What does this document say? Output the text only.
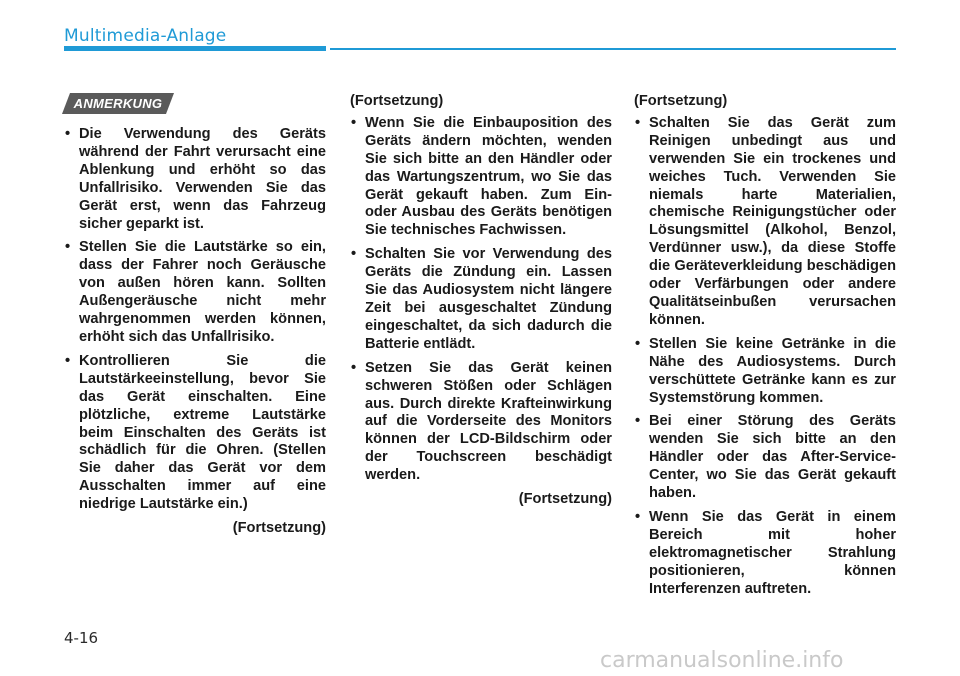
Multimedia-Anlage
ANMERKUNG
• Die Verwendung des Geräts während der Fahrt verursacht eine Ablenkung und erhöht so das Unfallrisiko. Verwenden Sie das Gerät erst, wenn das Fahrzeug sicher geparkt ist.
• Stellen Sie die Lautstärke so ein, dass der Fahrer noch Geräusche von außen hören kann. Sollten Außengeräusche nicht mehr wahrgenommen werden können, erhöht sich das Unfallrisiko.
• Kontrollieren Sie die Lautstärkeeinstellung, bevor Sie das Gerät einschalten. Eine plötzliche, extreme Lautstärke beim Einschalten des Geräts ist schädlich für die Ohren. (Stellen Sie daher das Gerät vor dem Ausschalten immer auf eine niedrige Lautstärke ein.)
(Fortsetzung)
(Fortsetzung)
• Wenn Sie die Einbauposition des Geräts ändern möchten, wenden Sie sich bitte an den Händler oder das Wartungszentrum, wo Sie das Gerät gekauft haben. Zum Ein- oder Ausbau des Geräts benötigen Sie technisches Fachwissen.
• Schalten Sie vor Verwendung des Geräts die Zündung ein. Lassen Sie das Audiosystem nicht längere Zeit bei ausgeschaltet Zündung eingeschaltet, da sich dadurch die Batterie entlädt.
• Setzen Sie das Gerät keinen schweren Stößen oder Schlägen aus. Durch direkte Krafteinwirkung auf die Vorderseite des Monitors können der LCD-Bildschirm oder der Touchscreen beschädigt werden.
(Fortsetzung)
(Fortsetzung)
• Schalten Sie das Gerät zum Reinigen unbedingt aus und verwenden Sie ein trockenes und weiches Tuch. Verwenden Sie niemals harte Materialien, chemische Reinigungstücher oder Lösungsmittel (Alkohol, Benzol, Verdünner usw.), da diese Stoffe die Geräteverkleidung beschädigen oder Verfärbungen oder andere Qualitätseinbußen verursachen können.
• Stellen Sie keine Getränke in die Nähe des Audiosystems. Durch verschüttete Getränke kann es zur Systemstörung kommen.
• Bei einer Störung des Geräts wenden Sie sich bitte an den Händler oder das After-Service-Center, wo Sie das Gerät gekauft haben.
• Wenn Sie das Gerät in einem Bereich mit hoher elektromagnetischer Strahlung positionieren, können Interferenzen auftreten.
4-16
carmanualsonline.info
